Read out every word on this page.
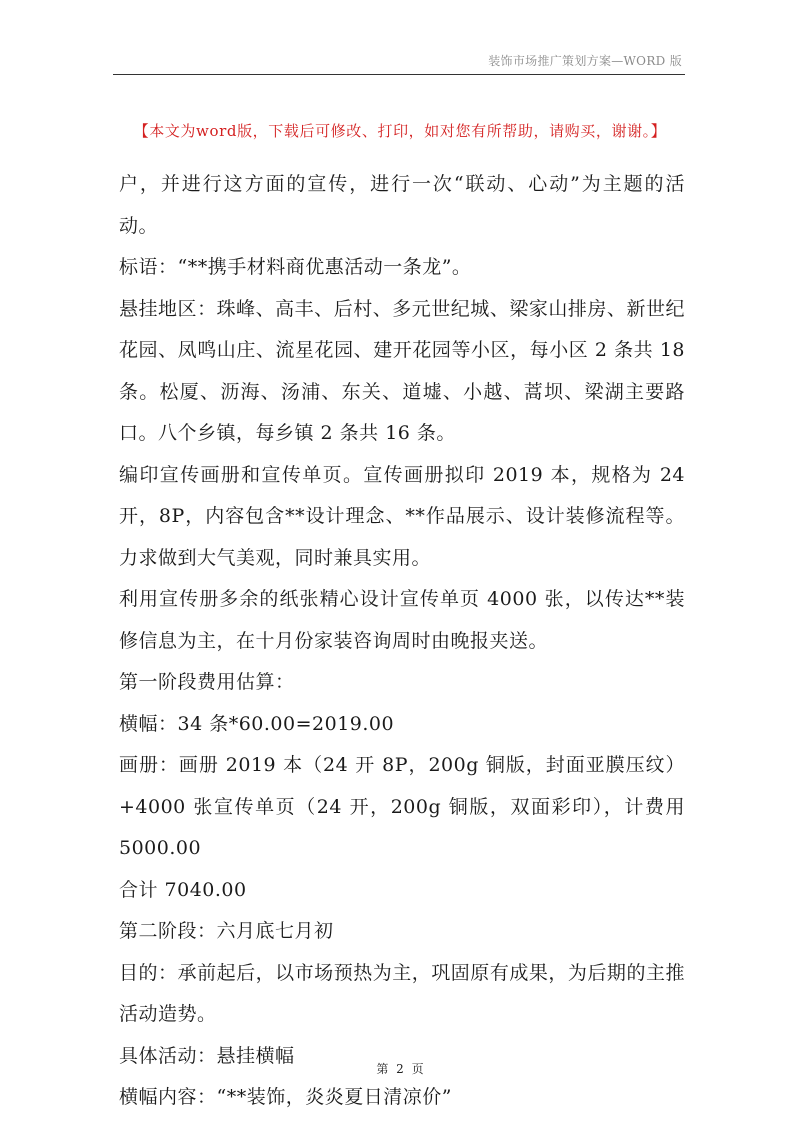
装饰市场推广策划方案—WORD 版
【本文为word版，下载后可修改、打印，如对您有所帮助，请购买，谢谢。】

户，并进行这方面的宣传，进行一次“联动、心动”为主题的活动。

标语：“**携手材料商优惠活动一条龙”。

悬挂地区：珠峰、高丰、后村、多元世纪城、梁家山排房、新世纪花园、凤鸣山庄、流星花园、建开花园等小区，每小区 2 条共 18 条。松厦、沥海、汤浦、东关、道墟、小越、蒿坝、梁湖主要路口。八个乡镇，每乡镇 2 条共 16 条。

编印宣传画册和宣传单页。宣传画册拟印 2019 本，规格为 24 开，8P，内容包含**设计理念、**作品展示、设计装修流程等。力求做到大气美观，同时兼具实用。

利用宣传册多余的纸张精心设计宣传单页 4000 张，以传达**装修信息为主，在十月份家装咨询周时由晚报夹送。

第一阶段费用估算：

横幅：34 条*60.00=2019.00

画册：画册 2019 本（24 开 8P，200g 铜版，封面亚膜压纹）+4000 张宣传单页（24 开，200g 铜版，双面彩印），计费用 5000.00

合计 7040.00

第二阶段：六月底七月初

目的：承前起后，以市场预热为主，巩固原有成果，为后期的主推活动造势。

具体活动：悬挂横幅

横幅内容：“**装饰，炎炎夏日清凉价”

第 2 页
